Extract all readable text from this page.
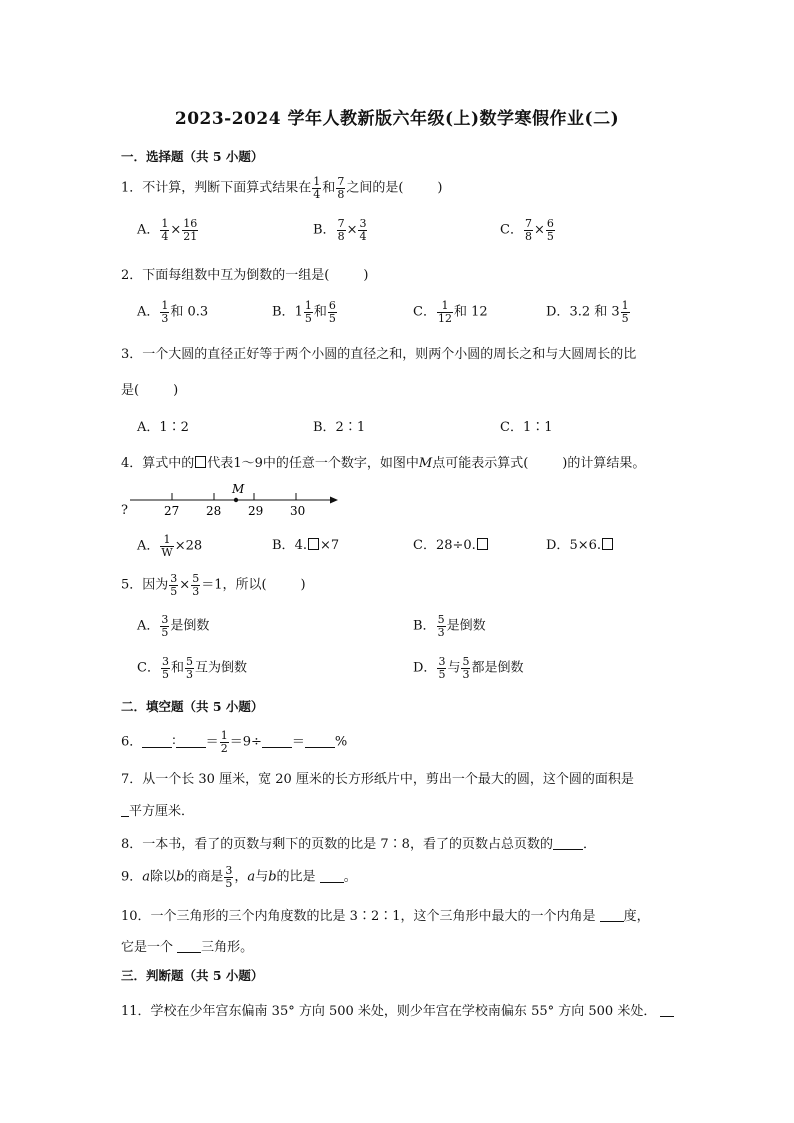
2023-2024 学年人教新版六年级(上)数学寒假作业(二)
一．选择题（共 5 小题）
1．不计算，判断下面算式结果在 $\frac{1}{4}$ 和 $\frac{7}{8}$ 之间的是(	)
A． $\frac{1}{4} \times \frac{16}{21}$	B． $\frac{7}{8} \times \frac{3}{4}$	C． $\frac{7}{8} \times \frac{6}{5}$
2．下面每组数中互为倒数的一组是(	)
A． $\frac{1}{3}$ 和 0.3	B．$1 \frac{1}{5}$ 和 $\frac{6}{5}$	C． $\frac{1}{12}$ 和 12	D．3.2 和 $3 \frac{1}{5}$
3．一个大圆的直径正好等于两个小圆的直径之和，则两个小圆的周长之和与大圆周长的比
是(	)
A．1∶2	B．2∶1	C．1∶1
4．算式中的 代表1～9中的任意一个数字，如图中M点可能表示算式(	)的计算结果。
?
M
27 28 29 30
A． $\frac{1}{W} \times 28$	B．4. ×7	C．28÷0.	D．5×6.
5．因为 $\frac{3}{5} \times \frac{5}{3} =1$，所以(	)
A． $\frac{3}{5}$ 是倒数	B． $\frac{5}{3}$ 是倒数
C． $\frac{3}{5}$ 和 $\frac{5}{3}$ 互为倒数	D． $\frac{3}{5}$ 与 $\frac{5}{3}$ 都是倒数
二．填空题（共 5 小题）
6． ∶ ＝ $\frac{1}{2} =9\div$ ＝ %
7．从一个长 30 厘米，宽 20 厘米的长方形纸片中，剪出一个最大的圆，这个圆的面积是
平方厘米．
8．一本书，看了的页数与剩下的页数的比是 7∶8，看了的页数占总页数的 ．
9．a除以b的商是 $\frac{3}{5}$ ，a与b的比是 。
10．一个三角形的三个内角度数的比是 3∶2∶1，这个三角形中最大的一个内角是 度，
它是一个 三角形。
三．判断题（共 5 小题）
11．学校在少年宫东偏南 35° 方向 500 米处，则少年宫在学校南偏东 55° 方向 500 米处．
